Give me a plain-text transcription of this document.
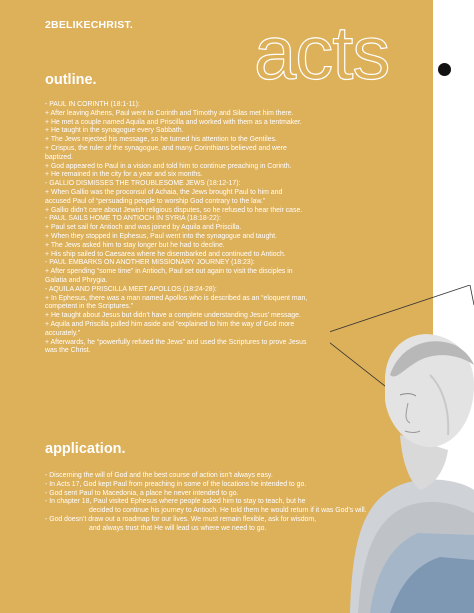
2BELIKECHRIST. acts
outline.
- PAUL IN CORINTH (18:1-11):
+ After leaving Athens, Paul went to Corinth and Timothy and Silas met him there.
+ He met a couple named Aquila and Priscilla and worked with them as a tentmaker.
+ He taught in the synagogue every Sabbath.
+ The Jews rejected his message, so he turned his attention to the Gentiles.
+ Crispus, the ruler of the synagogue, and many Corinthians believed and were
baptized.
+ God appeared to Paul in a vision and told him to continue preaching in Corinth.
+ He remained in the city for a year and six months.
- GALLIO DISMISSES THE TROUBLESOME JEWS (18:12-17):
+ When Gallio was the proconsul of Achaia, the Jews brought Paul to him and
accused Paul of “persuading people to worship God contrary to the law.”
+ Gallio didn’t care about Jewish religious disputes, so he refused to hear their case.
- PAUL SAILS HOME TO ANTIOCH IN SYRIA (18:18-22):
+ Paul set sail for Antioch and was joined by Aquila and Priscilla.
+ When they stopped in Ephesus, Paul went into the synagogue and taught.
+ The Jews asked him to stay longer but he had to decline.
+ His ship sailed to Caesarea where he disembarked and continued to Antioch.
- PAUL EMBARKS ON ANOTHER MISSIONARY JOURNEY (18:23):
+ After spending “some time” in Antioch, Paul set out again to visit the disciples in
Galatia and Phrygia.
- AQUILA AND PRISCILLA MEET APOLLOS (18:24-28):
+ In Ephesus, there was a man named Apollos who is described as an “eloquent man,
competent in the Scriptures.”
+ He taught about Jesus but didn’t have a complete understanding Jesus’ message.
+ Aquila and Priscilla pulled him aside and “explained to him the way of God more
accurately.”
+ Afterwards, he “powerfully refuted the Jews” and used the Scriptures to prove Jesus
was the Christ.
application.
- Discerning the will of God and the best course of action isn’t always easy.
- In Acts 17, God kept Paul from preaching in some of the locations he intended to go.
- God sent Paul to Macedonia, a place he never intended to go.
- In chapter 18, Paul visited Ephesus where people asked him to stay to teach, but he
decided to continue his journey to Antioch. He told them he would return if it was God’s will.
- God doesn’t draw out a roadmap for our lives. We must remain flexible, ask for wisdom,
and always trust that He will lead us where we need to go.
